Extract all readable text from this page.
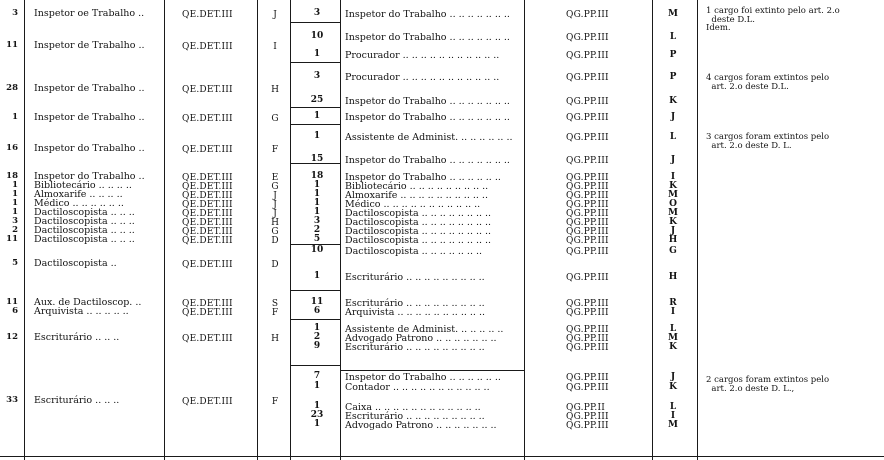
3 Inspetor oe Trabalho ..	QE.DET.III	J	3	Inspetor do Trabalho .. .. .. .. .. .. ..	QG.PP.III	M	1 cargo foi extinto pelo art. 2.o
deste D.L.
Idem.
11 Inspetor de Trabalho ..	QE.DET.III	I
10	Inspetor do Trabalho .. .. .. .. .. .. ..	QG.PP.III	L
1	Procurador .. .. .. .. .. .. .. .. .. .. ..	QG.PP.III	P
28 Inspetor de Trabalho ..	QE.DET.III	H
3	Procurador .. .. .. .. .. .. .. .. .. .. ..	QG.PP.III	P
25	Inspetor do Trabalho .. .. .. .. .. .. ..	QG.PP.III	K
4 cargos foram extintos pelo
art. 2.o deste D.L.
1 Inspetor de Trabalho ..	QE.DET.III	G	1	Inspetor do Trabalho .. .. .. .. .. .. ..	QG.PP.III	J
16 Inspetor do Trabalho ..	QE.DET.III	F
1	Assistente de Administ. .. .. .. .. .. ..	QG.PP.III	L
15	Inspetor do Trabalho .. .. .. .. .. .. ..	QG.PP.III	J
3 cargos foram extintos pelo
art. 2.o deste D. L.
18 Inspetor do Trabalho ..	QE.DET.III	E	18	Inspetor do Trabalho .. .. .. .. .. ..	QG.PP.III	I
1 Bibliotecário .. .. .. ..	QE.DET.III	G	1	Bibliotecário .. .. .. .. .. .. .. .. ..	QG.PP.III	K
1 Almoxarife .. .. .. ..	QE.DET.III	J	1	Almoxarife .. .. .. .. .. .. .. .. .. ..	QG.PP.III	M
1 Médico .. .. .. .. .. ..	QE.DET.III	J	1	Médico .. .. .. .. .. .. .. .. .. .. ..	QG.PP.III	O
1 Dactiloscopista .. .. ..	QE.DET.III	J	1	Dactiloscopista .. .. .. .. .. .. .. ..	QG.PP.III	M
3 Dactiloscopista .. .. ..	QE.DET.III	H	3	Dactiloscopista .. .. .. .. .. .. .. ..	QG.PP.III	K
2 Dactiloscopista .. .. ..	QE.DET.III	G	2	Dactiloscopista .. .. .. .. .. .. .. ..	QG.PP.III	J
11 Dactiloscopista .. .. ..	QE.DET.III	D	5	Dactiloscopista .. .. .. .. .. .. .. ..	QG.PP.III	H
5 Dactiloscopista ..	QE.DET.III	D
10	Dactiloscopista .. .. .. .. .. .. ..	QG.PP.III	G
1	Escriturário .. .. .. .. .. .. .. .. ..	QG.PP.III	H
11 Aux. de Dactiloscop. ..	QE.DET.III	S	11	Escriturário .. .. .. .. .. .. .. .. ..	QG.PP.III	R
6 Arquivista .. .. .. .. ..	QE.DET.III	F	6	Arquivista .. .. .. .. .. .. .. .. .. ..	QG.PP.III	I
12 Escriturário .. .. ..	QE.DET.III	H
1	Assistente de Administ. .. .. .. .. ..	QG.PP.III	L
2	Advogado Patrono .. .. .. .. .. .. ..	QG.PP.III	M
9	Escriturário .. .. .. .. .. .. .. .. ..	QG.PP.III	K
33 Escriturário .. .. ..	QE.DET.III	F
7	Inspetor do Trabalho .. .. .. .. .. ..	QG.PP.III	J
1	Contador .. .. .. .. .. .. .. .. .. .. ..	QG.PP.III	K
1	Caixa .. .. .. .. .. .. .. .. .. .. .. ..	QG.PP.II	L
23	Escriturário .. .. .. .. .. .. .. .. ..	QG.PP.III	I
1	Advogado Patrono .. .. .. .. .. .. ..	QG.PP.III	M
2 cargos foram extintos pelo
art. 2.o deste D. L.,
